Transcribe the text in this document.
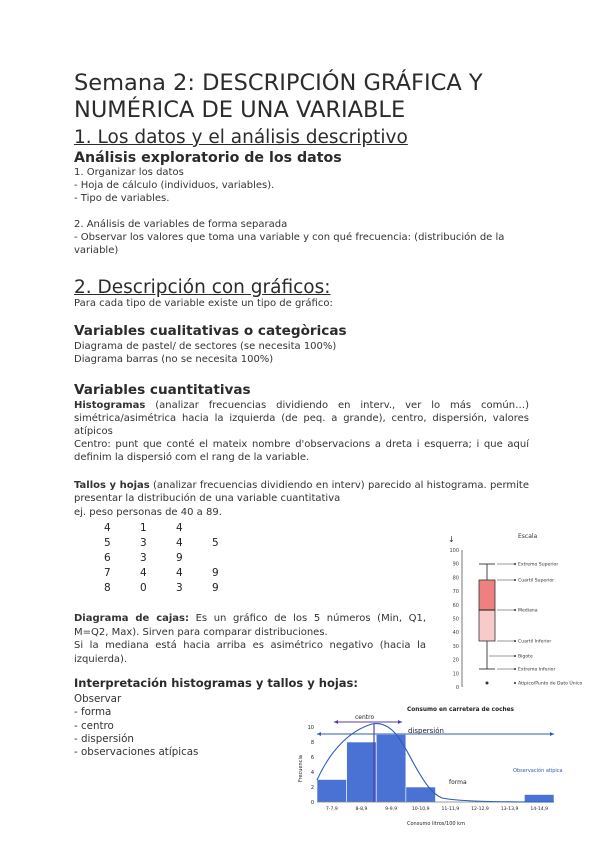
Semana 2: DESCRIPCIÓN GRÁFICA Y NUMÉRICA DE UNA VARIABLE
1. Los datos y el análisis descriptivo
Análisis exploratorio de los datos
1. Organizar los datos
- Hoja de cálculo (individuos, variables).
- Tipo de variables.
2. Análisis de variables de forma separada
- Observar los valores que toma una variable y con qué frecuencia: (distribución de la variable)
2. Descripción con gráficos:
Para cada tipo de variable existe un tipo de gráfico:
Variables cualitativas o categòricas
Diagrama de pastel/ de sectores (se necesita 100%)
Diagrama barras (no se necesita 100%)
Variables cuantitativas
Histogramas (analizar frecuencias dividiendo en interv., ver lo más común…) simétrica/asimétrica hacia la izquierda (de peq. a grande), centro, dispersión, valores atípicos
Centro: punt que conté el mateix nombre d'observacions a dreta i esquerra; i que aquí definim la dispersió com el rang de la variable.
Tallos y hojas (analizar frecuencias dividiendo en interv) parecido al histograma. permite presentar la distribución de una variable cuantitativa
ej. peso personas de 40 a 89.
4	1	4	
5	3	4	5
6	3	9	
7	4	4	9
8	0	3	9
Diagrama de cajas: Es un gráfico de los 5 números (Min, Q1, M=Q2, Max). Sirven para comparar distribuciones.
Si la mediana está hacia arriba es asimétrico negativo (hacia la izquierda).
Interpretación histogramas y tallos y hojas:
Observar
- forma
- centro
- dispersión
- observaciones atípicas
Escala
↓
100
90
80
70
60
50
40
30
20
10
0
Extremo Superior
Cuartil Superior
Mediana
Cuartil Inferior
Bigote
Extremo Inferior
Atípico/Punto de Dato Único
Consumo en carretera de coches
Frecuencia
Consumo litros/100 km
10
8
6
4
2
0
7-7,9	8-8,9	9-9,9	10-10,9	11-11,9	12-12,9	13-13,9	14-14,9
centro
dispersión
forma
Observación atípica
